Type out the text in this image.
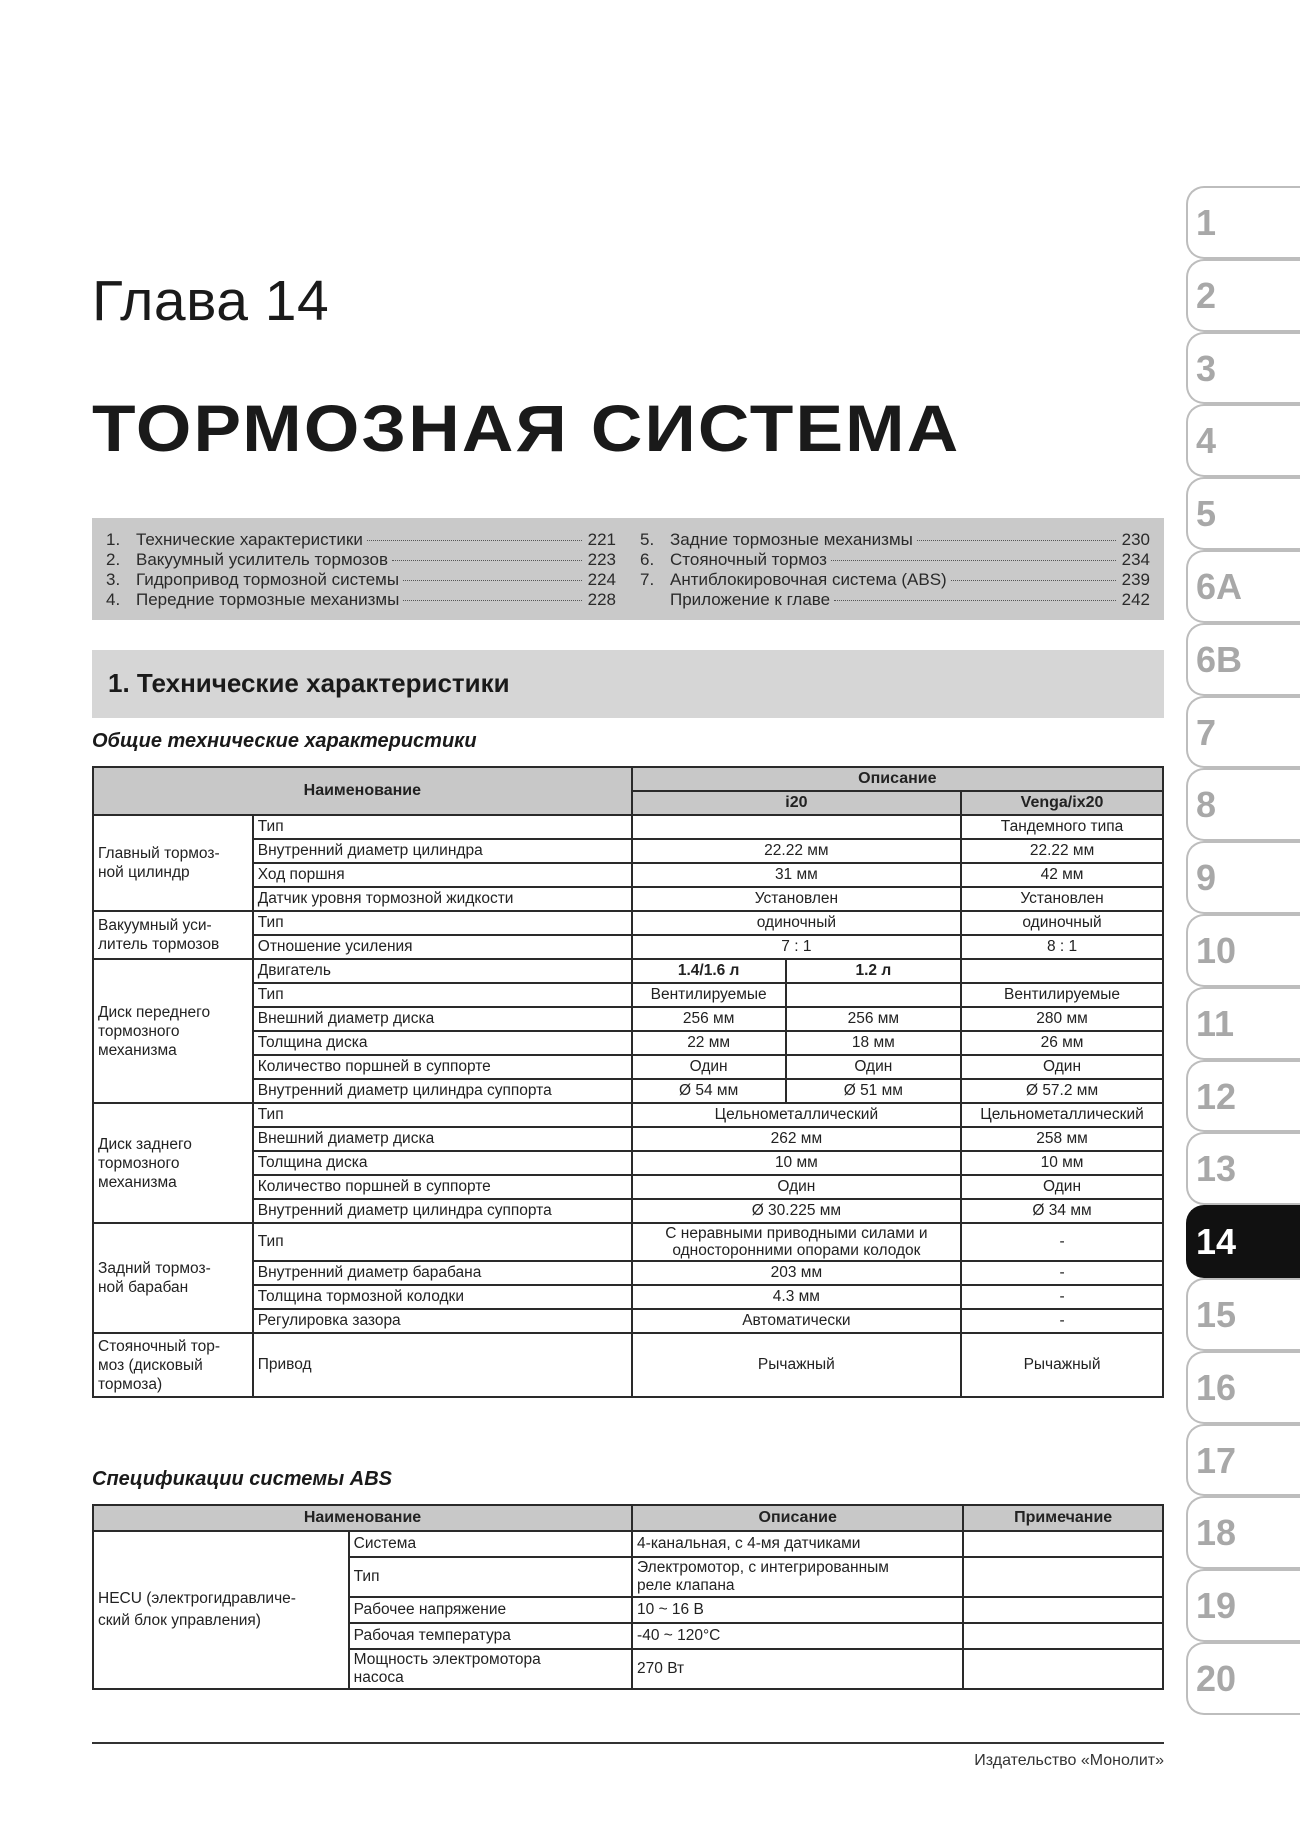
Глава 14
ТОРМОЗНАЯ СИСТЕМА
1. Технические характеристики	221
2. Вакуумный усилитель тормозов	223
3. Гидропривод тормозной системы	224
4. Передние тормозные механизмы	228
5. Задние тормозные механизмы	230
6. Стояночный тормоз	234
7. Антиблокировочная система (ABS)	239
Приложение к главе	242
1. Технические характеристики
Общие технические характеристики
Наименование		Описание		
		i20		Venga/ix20
Главный тормоз-
ной цилиндр	Тип			Тандемного типа
	Внутренний диаметр цилиндра	22.22 мм		22.22 мм
	Ход поршня	31 мм		42 мм
	Датчик уровня тормозной жидкости	Установлен		Установлен
Вакуумный уси-
литель тормозов	Тип	одиночный		одиночный
	Отношение усиления	7 : 1		8 : 1
Диск переднего
тормозного
механизма	Двигатель	1.4/1.6 л	1.2 л	
	Тип	Вентилируемые		Вентилируемые
	Внешний диаметр диска	256 мм	256 мм	280 мм
	Толщина диска	22 мм	18 мм	26 мм
	Количество поршней в суппорте	Один	Один	Один
	Внутренний диаметр цилиндра суппорта	Ø 54 мм	Ø 51 мм	Ø 57.2 мм
Диск заднего
тормозного
механизма	Тип	Цельнометаллический		Цельнометаллический
	Внешний диаметр диска	262 мм		258 мм
	Толщина диска	10 мм		10 мм
	Количество поршней в суппорте	Один		Один
	Внутренний диаметр цилиндра суппорта	Ø 30.225 мм		Ø 34 мм
Задний тормоз-
ной барабан	Тип	С неравными приводными силами и
односторонними опорами колодок		-
	Внутренний диаметр барабана	203 мм		-
	Толщина тормозной колодки	4.3 мм		-
	Регулировка зазора	Автоматически		-
Стояночный тор-
моз (дисковый
тормоза)	Привод	Рычажный		Рычажный
Спецификации системы ABS
Наименование		Описание	Примечание
HECU (электрогидравличе-
ский блок управления)	Система	4-канальная, с 4-мя датчиками	
	Тип	Электромотор, с интегрированным
реле клапана	
	Рабочее напряжение	10 ~ 16 В	
	Рабочая температура	-40 ~ 120°C	
	Мощность электромотора
насоса	270 Вт	
1
2
3
4
5
6A
6B
7
8
9
10
11
12
13
14
15
16
17
18
19
20
Издательство «Монолит»
